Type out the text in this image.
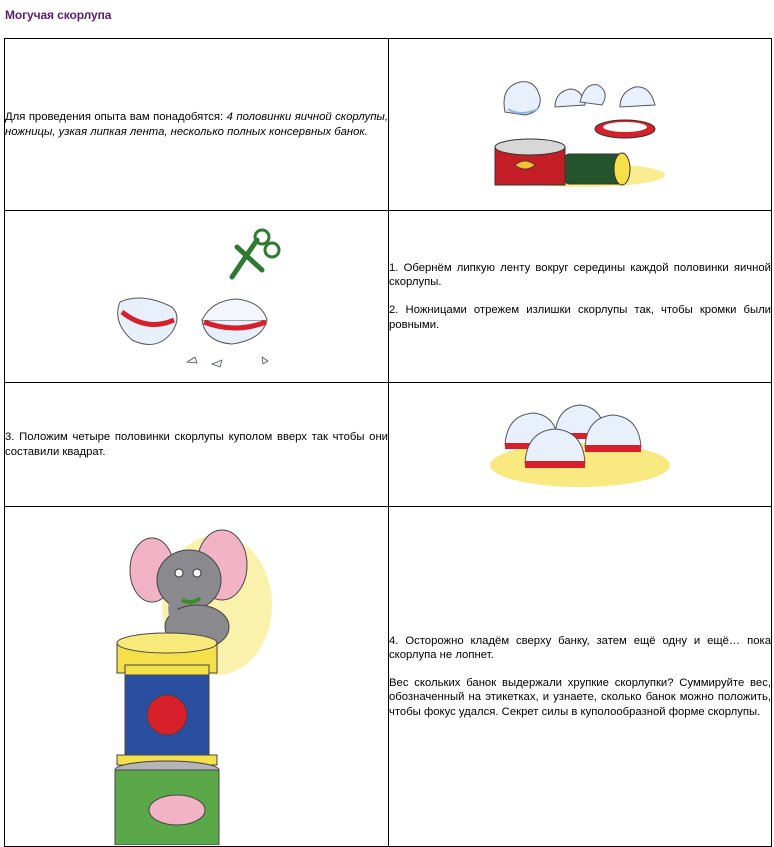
Могучая скорлупа

Для проведения опыта вам понадобятся: 4 половинки яичной скорлупы, ножницы, узкая липкая лента, несколько полных консервных банок.

1. Обернём липкую ленту вокруг середины каждой половинки яичной скорлупы.

2. Ножницами отрежем излишки скорлупы так, чтобы кромки были ровными.

3. Положим четыре половинки скорлупы куполом вверх так чтобы они составили квадрат.

4. Осторожно кладём сверху банку, затем ещё одну и ещё… пока скорлупа не лопнет.

Вес скольких банок выдержали хрупкие скорлупки? Суммируйте вес, обозначенный на этикетках, и узнаете, сколько банок можно положить, чтобы фокус удался. Секрет силы в куполообразной форме скорлупы.
